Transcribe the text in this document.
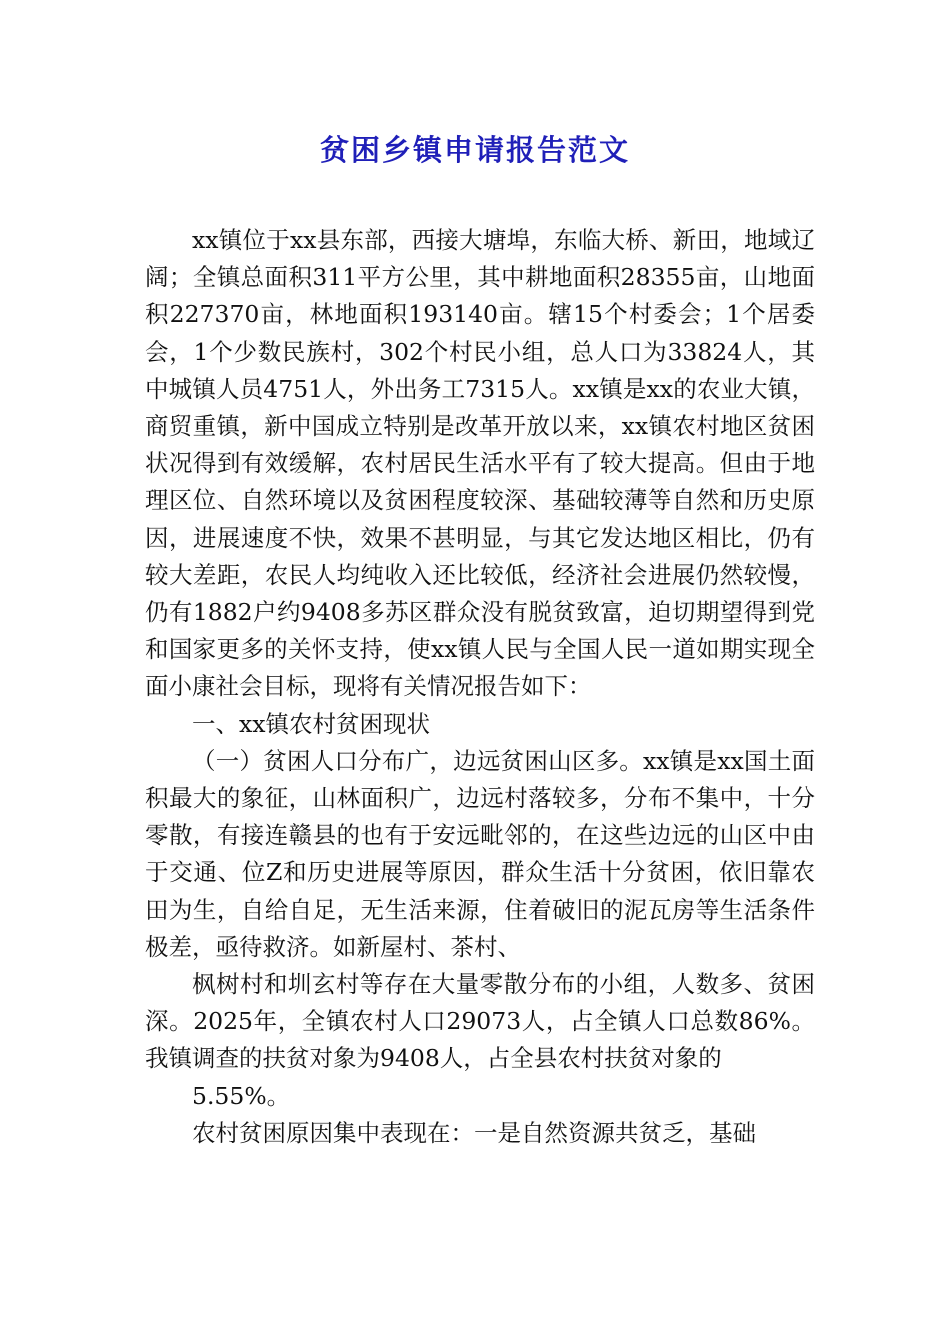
贫困乡镇申请报告范文

xx镇位于xx县东部，西接大塘埠，东临大桥、新田，地域辽阔；全镇总面积311平方公里，其中耕地面积28355亩，山地面积227370亩，林地面积193140亩。辖15个村委会；1个居委会，1个少数民族村，302个村民小组，总人口为33824人，其中城镇人员4751人，外出务工7315人。xx镇是xx的农业大镇，商贸重镇，新中国成立特别是改革开放以来，xx镇农村地区贫困状况得到有效缓解，农村居民生活水平有了较大提高。但由于地理区位、自然环境以及贫困程度较深、基础较薄等自然和历史原因，进展速度不快，效果不甚明显，与其它发达地区相比，仍有较大差距，农民人均纯收入还比较低，经济社会进展仍然较慢，仍有1882户约9408多苏区群众没有脱贫致富，迫切期望得到党和国家更多的关怀支持，使xx镇人民与全国人民一道如期实现全面小康社会目标，现将有关情况报告如下：

一、xx镇农村贫困现状

（一）贫困人口分布广，边远贫困山区多。xx镇是xx国土面积最大的象征，山林面积广，边远村落较多，分布不集中，十分零散，有接连赣县的也有于安远毗邻的，在这些边远的山区中由于交通、位Z和历史进展等原因，群众生活十分贫困，依旧靠农田为生，自给自足，无生活来源，住着破旧的泥瓦房等生活条件极差，亟待救济。如新屋村、茶村、

枫树村和圳玄村等存在大量零散分布的小组，人数多、贫困深。2025年，全镇农村人口29073人，占全镇人口总数86%。我镇调查的扶贫对象为9408人，占全县农村扶贫对象的

5.55%。

农村贫困原因集中表现在：一是自然资源共贫乏，基础
